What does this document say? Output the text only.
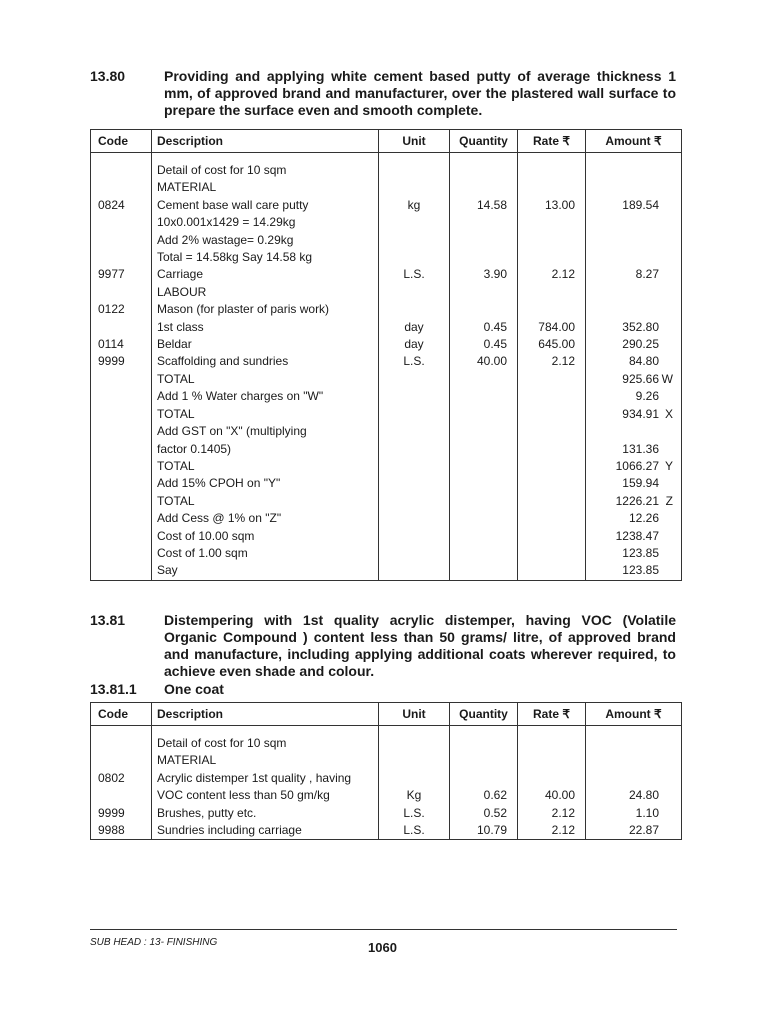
13.80	Providing and applying white cement based putty of average thickness 1 mm, of approved brand and manufacturer, over the plastered wall surface to prepare the surface even and smooth complete.
Code	Description	Unit	Quantity	Rate ₹	Amount ₹
	Detail of cost for 10 sqm				
	MATERIAL				
0824	Cement base wall care putty	kg	14.58	13.00	189.54
	10x0.001x1429 = 14.29kg				
	Add 2% wastage= 0.29kg				
	Total = 14.58kg Say 14.58 kg				
9977	Carriage	L.S.	3.90	2.12	8.27
	LABOUR				
0122	Mason (for plaster of paris work)				
	1st class	day	0.45	784.00	352.80
0114	Beldar	day	0.45	645.00	290.25
9999	Scaffolding and sundries	L.S.	40.00	2.12	84.80
	TOTAL				925.66 W
	Add 1 % Water charges on "W"				9.26
	TOTAL				934.91 X
	Add GST on "X" (multiplying				
	factor 0.1405)				131.36
	TOTAL				1066.27 Y
	Add 15% CPOH on "Y"				159.94
	TOTAL				1226.21 Z
	Add Cess @ 1% on "Z"				12.26
	Cost of 10.00 sqm				1238.47
	Cost of 1.00 sqm				123.85
	Say				123.85
13.81	Distempering with 1st quality acrylic distemper, having VOC (Volatile Organic Compound ) content less than 50 grams/ litre, of approved brand and manufacture, including applying additional coats wherever required, to achieve even shade and colour.
13.81.1 One coat
Code	Description	Unit	Quantity	Rate ₹	Amount ₹
	Detail of cost for 10 sqm				
	MATERIAL				
0802	Acrylic distemper 1st quality , having				
	VOC content less than 50 gm/kg	Kg	0.62	40.00	24.80
9999	Brushes, putty etc.	L.S.	0.52	2.12	1.10
9988	Sundries including carriage	L.S.	10.79	2.12	22.87
SUB HEAD : 13- FINISHING	1060
